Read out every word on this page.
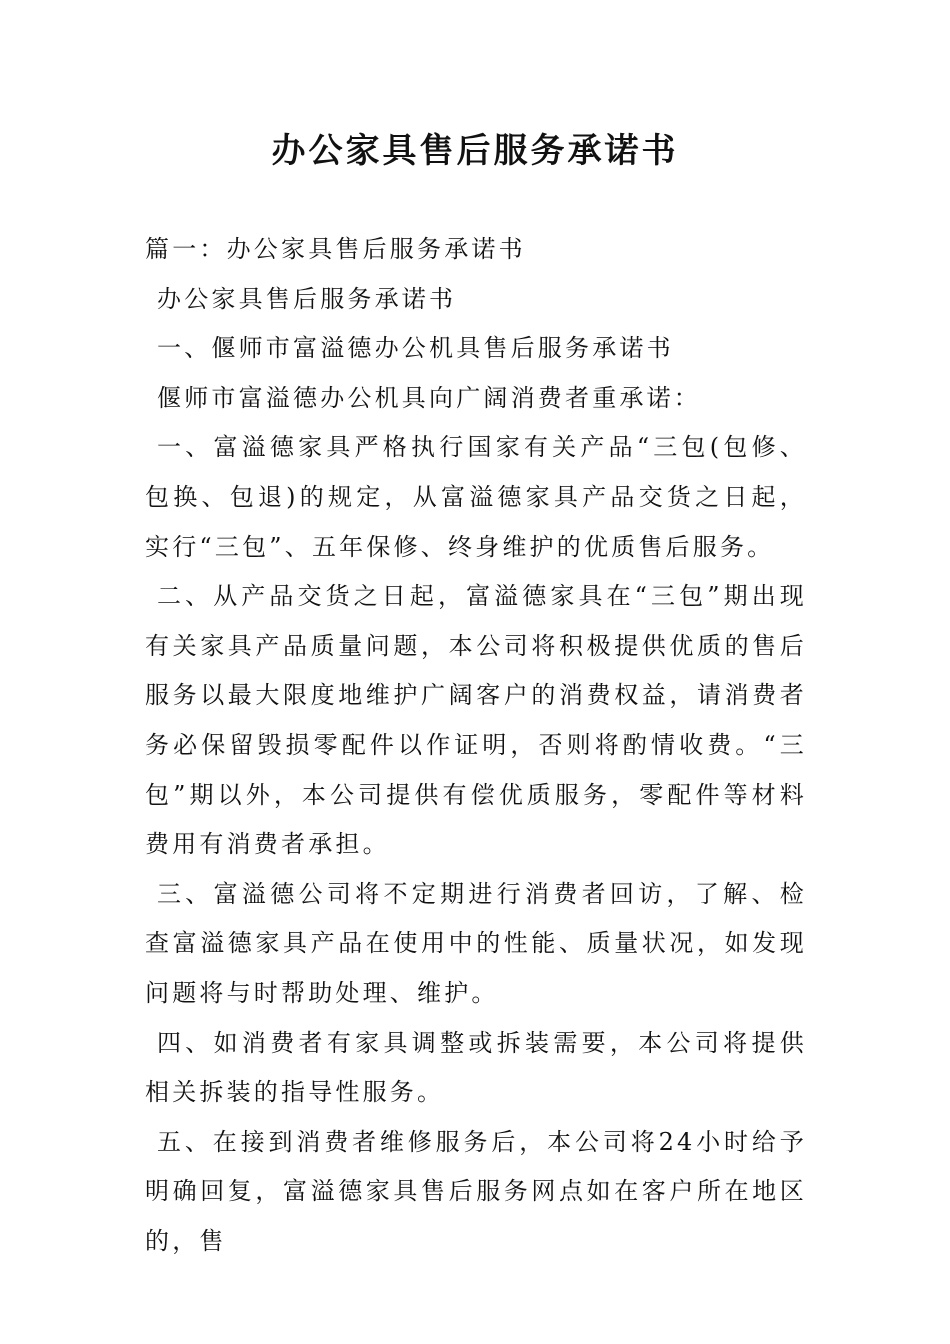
办公家具售后服务承诺书

篇一：办公家具售后服务承诺书

办公家具售后服务承诺书

一、偃师市富溢德办公机具售后服务承诺书

偃师市富溢德办公机具向广阔消费者重承诺：

一、富溢德家具严格执行国家有关产品“三包(包修、包换、包退)的规定，从富溢德家具产品交货之日起，实行“三包”、五年保修、终身维护的优质售后服务。

二、从产品交货之日起，富溢德家具在“三包”期出现有关家具产品质量问题，本公司将积极提供优质的售后服务以最大限度地维护广阔客户的消费权益，请消费者务必保留毁损零配件以作证明，否则将酌情收费。“三包”期以外，本公司提供有偿优质服务，零配件等材料费用有消费者承担。

三、富溢德公司将不定期进行消费者回访，了解、检查富溢德家具产品在使用中的性能、质量状况，如发现问题将与时帮助处理、维护。

四、如消费者有家具调整或拆装需要，本公司将提供相关拆装的指导性服务。

五、在接到消费者维修服务后，本公司将24小时给予明确回复，富溢德家具售后服务网点如在客户所在地区的，售
